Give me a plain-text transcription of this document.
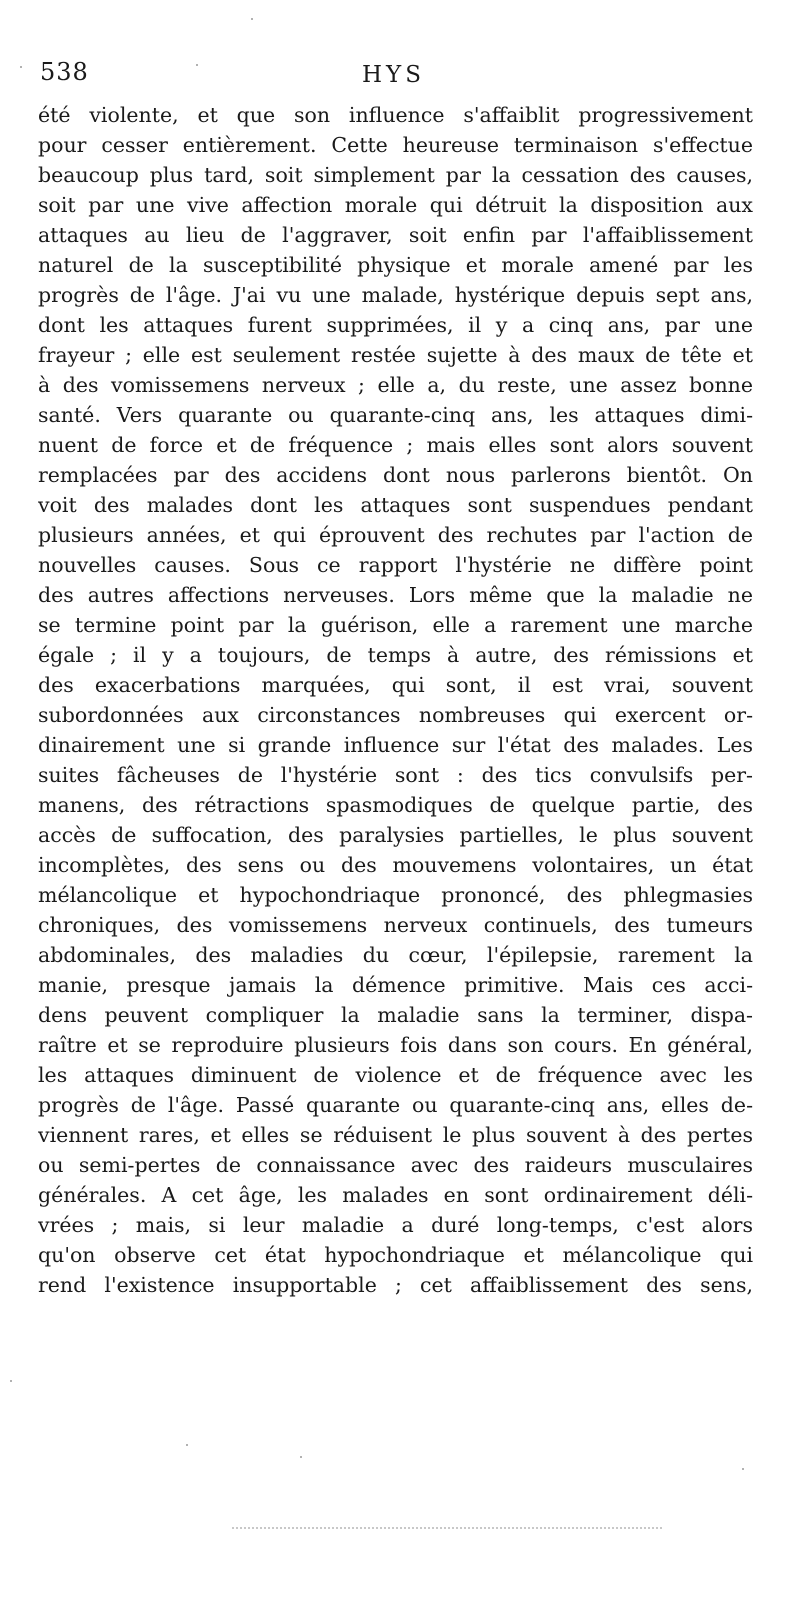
538	HYS
été violente, et que son influence s'affaiblit progressivement
pour cesser entièrement. Cette heureuse terminaison s'effectue
beaucoup plus tard, soit simplement par la cessation des causes,
soit par une vive affection morale qui détruit la disposition aux
attaques au lieu de l'aggraver, soit enfin par l'affaiblissement
naturel de la susceptibilité physique et morale amené par les
progrès de l'âge. J'ai vu une malade, hystérique depuis sept ans,
dont les attaques furent supprimées, il y a cinq ans, par une
frayeur ; elle est seulement restée sujette à des maux de tête et
à des vomissemens nerveux ; elle a, du reste, une assez bonne
santé. Vers quarante ou quarante-cinq ans, les attaques dimi-
nuent de force et de fréquence ; mais elles sont alors souvent
remplacées par des accidens dont nous parlerons bientôt. On
voit des malades dont les attaques sont suspendues pendant
plusieurs années, et qui éprouvent des rechutes par l'action de
nouvelles causes. Sous ce rapport l'hystérie ne diffère point
des autres affections nerveuses. Lors même que la maladie ne
se termine point par la guérison, elle a rarement une marche
égale ; il y a toujours, de temps à autre, des rémissions et
des exacerbations marquées, qui sont, il est vrai, souvent
subordonnées aux circonstances nombreuses qui exercent or-
dinairement une si grande influence sur l'état des malades. Les
suites fâcheuses de l'hystérie sont : des tics convulsifs per-
manens, des rétractions spasmodiques de quelque partie, des
accès de suffocation, des paralysies partielles, le plus souvent
incomplètes, des sens ou des mouvemens volontaires, un état
mélancolique et hypochondriaque prononcé, des phlegmasies
chroniques, des vomissemens nerveux continuels, des tumeurs
abdominales, des maladies du cœur, l'épilepsie, rarement la
manie, presque jamais la démence primitive. Mais ces acci-
dens peuvent compliquer la maladie sans la terminer, dispa-
raître et se reproduire plusieurs fois dans son cours. En général,
les attaques diminuent de violence et de fréquence avec les
progrès de l'âge. Passé quarante ou quarante-cinq ans, elles de-
viennent rares, et elles se réduisent le plus souvent à des pertes
ou semi-pertes de connaissance avec des raideurs musculaires
générales. A cet âge, les malades en sont ordinairement déli-
vrées ; mais, si leur maladie a duré long-temps, c'est alors
qu'on observe cet état hypochondriaque et mélancolique qui
rend l'existence insupportable ; cet affaiblissement des sens,
